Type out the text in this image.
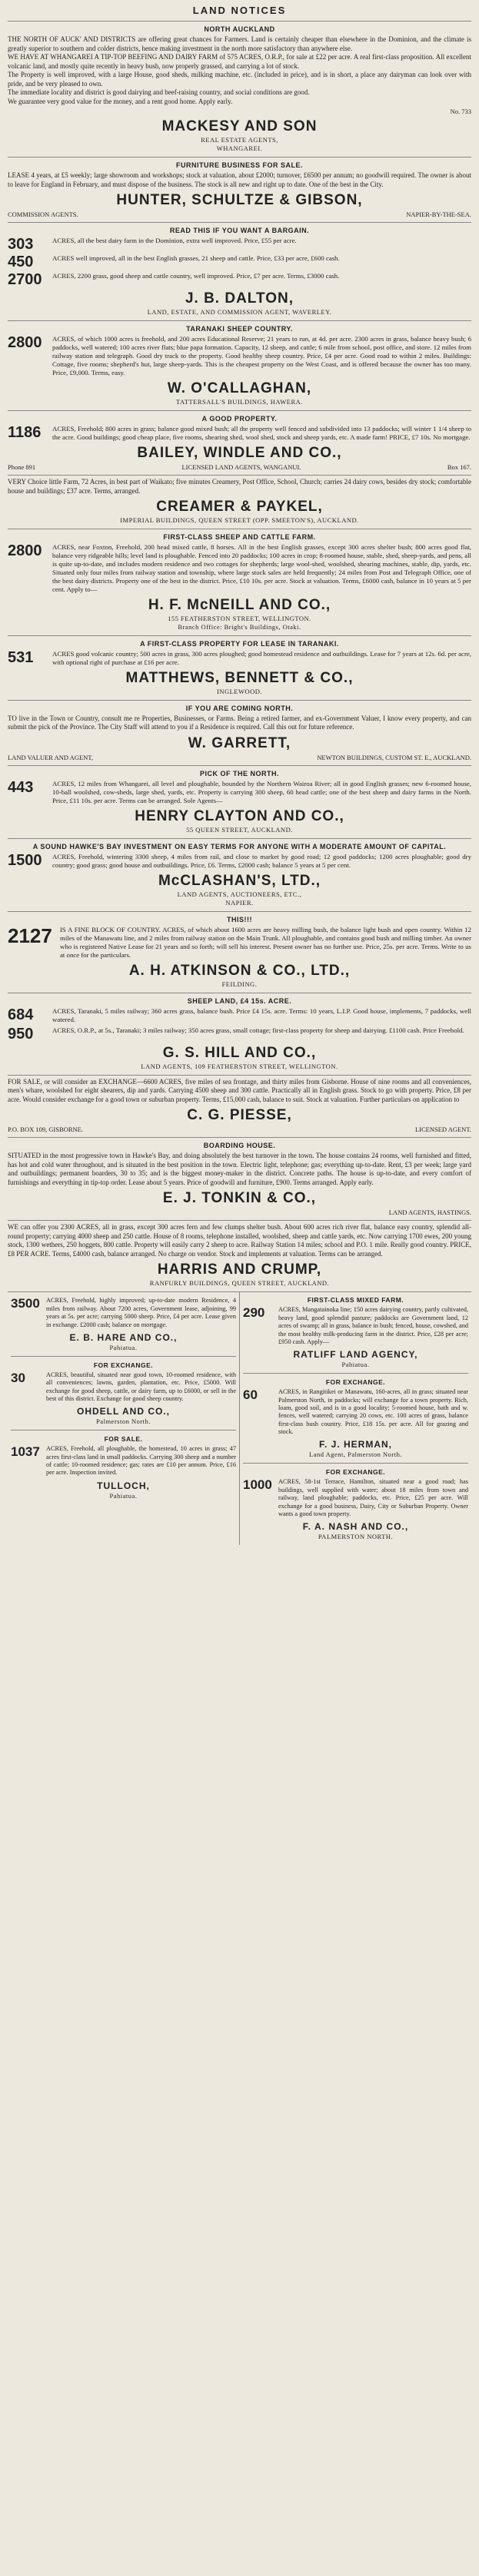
LAND NOTICES
NORTH AUCKLAND

THE NORTH OF AUCK' AND DISTRICTS are offering great chances for Farmers. Land is certainly cheaper than elsewhere in the Dominion, and the climate is greatly superior to southern and colder districts, hence making investment in the north more satisfactory than anywhere else.

WE HAVE AT WHANGAREI A TIP-TOP BEEFING AND DAIRY FARM of 575 ACRES, O.R.P., for sale at £22 per acre. A real first-class proposition. All excellent volcanic land, and mostly quite recently in heavy bush, now properly grassed, and carrying a lot of stock.

The Property is well improved, with a large House, good sheds, milking machine, etc. (included in price), and is in short, a place any dairyman can look over with pride, and be very pleased to own.

The immediate locality and district is good dairying and beef-raising country, and social conditions are good.

We guarantee very good value for the money, and a rent good home. Apply early.

No. 733
MACKESY AND SON
REAL ESTATE AGENTS,
WHANGAREI.
FURNITURE BUSINESS FOR SALE.

LEASE 4 years, at £5 weekly; large showroom and workshops; stock at valuation, about £2000; turnover, £6500 per annum; no goodwill required. The owner is about to leave for England in February, and must dispose of the business. The stock is all new and right up to date. One of the best in the City.

HUNTER, SCHULTZE & GIBSON,
COMMISSION AGENTS.	NAPIER-BY-THE-SEA.
READ THIS IF YOU WANT A BARGAIN.
303	ACRES, all the best dairy farm in the Dominion, extra well improved. Price, £55 per acre.
450	ACRES well improved, all in the best English grasses, 21 sheep and cattle. Price, £33 per acre, £600 cash.
2700	ACRES, 2200 grass, good sheep and cattle country, well improved. Price, £7 per acre. Terms, £3000 cash.
J. B. DALTON,
LAND, ESTATE, AND COMMISSION AGENT, WAVERLEY.
TARANAKI SHEEP COUNTRY.
2800	ACRES, of which 1000 acres is freehold, and 200 acres Educational Reserve; 21 years to run, at 4d. per acre. 2300 acres in grass, balance heavy bush; 6 paddocks, well watered; 100 acres river flats; blue papa formation. Capacity, 12 sheep, and cattle; 6 mile from school, post office, and store. 12 miles from railway station and telegraph. Good dry track to the property. Good healthy sheep country. Price, £4 per acre. Good road to within 2 miles. Buildings: Cottage, five rooms; shepherd's hut, large sheep-yards. This is the cheapest property on the West Coast, and is offered because the owner has too many. Price, £9,000. Terms, easy.
W. O'CALLAGHAN,
TATTERSALL'S BUILDINGS, HAWERA.
A GOOD PROPERTY.
1186	ACRES, Freehold; 800 acres in grass; balance good mixed bush; all the property well fenced and subdivided into 13 paddocks; will winter 1 1/4 sheep to the acre. Good buildings; good cheap place, five rooms, shearing shed, wool shed, stock and sheep yards, etc. A made farm! PRICE, £7 10s. No mortgage.
BAILEY, WINDLE AND CO.,
Phone 891	LICENSED LAND AGENTS, WANGANUI.	Box 167.

VERY Choice little Farm, 72 Acres, in best part of Waikato; five minutes Creamery, Post Office, School, Church; carries 24 dairy cows, besides dry stock; comfortable house and buildings; £37 acre. Terms, arranged.

CREAMER & PAYKEL,
IMPERIAL BUILDINGS, QUEEN STREET (OPP. SMEETON'S), AUCKLAND.
FIRST-CLASS SHEEP AND CATTLE FARM.
2800	ACRES, near Foxton, Freehold, 200 head mixed cattle, 8 horses. All in the best English grasses, except 300 acres shelter bush; 800 acres good flat, balance very ridgeable hills; level land is ploughable. Fenced into 20 paddocks; 100 acres in crop; 8-roomed house, stable, shed, sheep-yards, and pens, all is quite up-to-date, and includes modern residence and two cottages for shepherds; large wool-shed, woolshed, shearing machines, stable, dip, yards, etc. Situated only four miles from railway station and township, where large stock sales are held frequently; 24 miles from Post and Telegraph Office, one of the best dairy districts. Property one of the best in the district. Price, £10 10s. per acre. Stock at valuation. Terms, £6000 cash, balance in 10 years at 5 per cent. Apply to—
H. F. McNEILL AND CO.,
155 FEATHERSTON STREET, WELLINGTON.
Branch Office: Bright's Buildings, Otaki.
A FIRST-CLASS PROPERTY FOR LEASE IN TARANAKI.
531	ACRES good volcanic country; 500 acres in grass, 300 acres ploughed; good homestead residence and outbuildings. Lease for 7 years at 12s. 6d. per acre, with optional right of purchase at £16 per acre.
MATTHEWS, BENNETT & CO.,
INGLEWOOD.
IF YOU ARE COMING NORTH.

TO live in the Town or Country, consult me re Properties, Businesses, or Farms. Being a retired farmer, and ex-Government Valuer, I know every property, and can submit the pick of the Province. The City Staff will attend to you if a Residence is required. Call this out for future reference.

W. GARRETT,
LAND VALUER AND AGENT,	NEWTON BUILDINGS, CUSTOM ST. E., AUCKLAND.
PICK OF THE NORTH.
443	ACRES, 12 miles from Whangarei, all level and ploughable, bounded by the Northern Wairoa River; all in good English grasses; new 6-roomed house, 10-ball woolshed, cow-sheds, large shed, yards, etc. Property is carrying 300 sheep, 60 head cattle; one of the best sheep and dairy farms in the North. Price, £11 10s. per acre. Terms can be arranged. Sole Agents—
HENRY CLAYTON AND CO.,
55 QUEEN STREET, AUCKLAND.
A SOUND HAWKE'S BAY INVESTMENT ON EASY TERMS FOR ANYONE WITH A MODERATE AMOUNT OF CAPITAL.
1500	ACRES, Freehold, wintering 3300 sheep, 4 miles from rail, and close to market by good road; 12 good paddocks; 1200 acres ploughable; good dry country; good grass; good house and outbuildings. Price, £6. Terms, £2000 cash; balance 5 years at 5 per cent.
McCLASHAN'S, LTD.,
LAND AGENTS, AUCTIONEERS, ETC.,
NAPIER.
THIS!!!
2127	IS A FINE BLOCK OF COUNTRY. ACRES, of which about 1600 acres are heavy milling bush, the balance light bush and open country. Within 12 miles of the Manawatu line, and 2 miles from railway station on the Main Trunk. All ploughable, and contains good bush and milling timber. An owner who is registered Native Lease for 21 years and so forth; will sell his interest. Present owner has no further use. Price, 25s. per acre. Terms. Write to us at once for the particulars.
A. H. ATKINSON & CO., LTD.,
FEILDING.
SHEEP LAND, £4 15s. ACRE.
684	ACRES, Taranaki, 5 miles railway; 360 acres grass, balance bush. Price £4 15s. acre. Terms: 10 years, L.I.P. Good house, implements, 7 paddocks, well watered.
950	ACRES, O.R.P., at 5s., Taranaki; 3 miles railway; 350 acres grass, small cottage; first-class property for sheep and dairying. £1100 cash. Price Freehold.
G. S. HILL AND CO.,
LAND AGENTS, 109 FEATHERSTON STREET, WELLINGTON.

FOR SALE, or will consider an EXCHANGE—6600 ACRES, five miles of sea frontage, and thirty miles from Gisborne. House of nine rooms and all conveniences, men's whare, woolshed for eight shearers, dip and yards. Carrying 4500 sheep and 300 cattle. Practically all in English grass. Stock to go with property. Price, £8 per acre. Would consider exchange for a good town or suburban property. Terms, £15,000 cash, balance to suit. Stock at valuation. Further particulars on application to

C. G. PIESSE,
P.O. BOX 109, GISBORNE.	LICENSED AGENT.
BOARDING HOUSE.

SITUATED in the most progressive town in Hawke's Bay, and doing absolutely the best turnover in the town. The house contains 24 rooms, well furnished and fitted, has hot and cold water throughout, and is situated in the best position in the town. Electric light, telephone; gas; everything up-to-date. Rent, £3 per week; large yard and outbuildings; permanent boarders, 30 to 35; and is the biggest money-maker in the district. Concrete paths. The house is up-to-date, and every comfort of furnishings and everything in tip-top order. Lease about 5 years. Price of goodwill and furniture, £900. Terms arranged. Apply early.

E. J. TONKIN & CO.,
LAND AGENTS, HASTINGS.

WE can offer you 2300 ACRES, all in grass, except 300 acres fern and few clumps shelter bush. About 600 acres rich river flat, balance easy country, splendid all-round property; carrying 4000 sheep and 250 cattle. House of 8 rooms, telephone installed, woolshed, sheep and cattle yards, etc. Now carrying 1700 ewes, 200 young stock, 1300 wethers, 250 hoggets, 800 cattle. Property will easily carry 2 sheep to acre. Railway Station 14 miles; school and P.O. 1 mile. Really good country. PRICE, £8 PER ACRE. Terms, £4000 cash, balance arranged. No charge on vendor. Stock and implements at valuation. Terms can be arranged.

HARRIS AND CRUMP,
RANFURLY BUILDINGS, QUEEN STREET, AUCKLAND.
3500 ACRES, Freehold, highly improved; up-to-date modern Residence, 4 miles from railway. About 7200 acres, Government lease, adjoining, 99 years at 5s. per acre; carrying 5000 sheep. Price, £4 per acre. Lease given in exchange. £2000 cash; balance on mortgage.
E. B. HARE AND CO.,
Pahiatua.
FOR EXCHANGE.
30	ACRES, beautiful, situated near good town, 10-roomed residence, with all conveniences; lawns, garden, plantation, etc. Price, £5000. Will exchange for good sheep, cattle, or dairy farm, up to £6000, or sell in the best of this district. Exchange for good sheep country.
OHDELL AND CO.,
Palmerston North.
FOR SALE.
1037 ACRES, Freehold, all ploughable, the homestead, 10 acres in grass; 47 acres first-class land in small paddocks. Carrying 300 sheep and a number of cattle; 10-roomed residence; gas; rates are £10 per annum. Price, £16 per acre. Inspection invited.
TULLOCH,
Pahiatua.
FIRST-CLASS MIXED FARM.
290	ACRES, Mangatainoka line; 150 acres dairying country, partly cultivated, heavy land, good splendid pasture; paddocks are Government land, 12 acres of swamp; all in grass, balance in bush; fenced, house, cowshed, and the most healthy milk-producing farm in the district. Price, £28 per acre; £950 cash. Apply—
RATLIFF LAND AGENCY,
Pahiatua.
FOR EXCHANGE.
60	ACRES, in Rangitikei or Manawatu, 160-acres, all in grass; situated near Palmerston North, in paddocks; will exchange for a town property. Rich, loam, good soil, and is in a good locality; 5-roomed house, bath and w. fences, well watered; carrying 20 cows, etc. 100 acres of grass, balance first-class bush country. Price, £18 15s. per acre. All for grazing and stock.
F. J. HERMAN,
Land Agent, Palmerston North.
FOR EXCHANGE.
1000 ACRES, 58-1st Terrace, Hamilton, situated near a good road; has buildings, well supplied with water; about 18 miles from town and railway, land ploughable; paddocks, etc. Price, £25 per acre. Will exchange for a good business, Dairy, City or Suburban Property. Owner wants a good town property.
F. A. NASH AND CO.,
PALMERSTON NORTH.
